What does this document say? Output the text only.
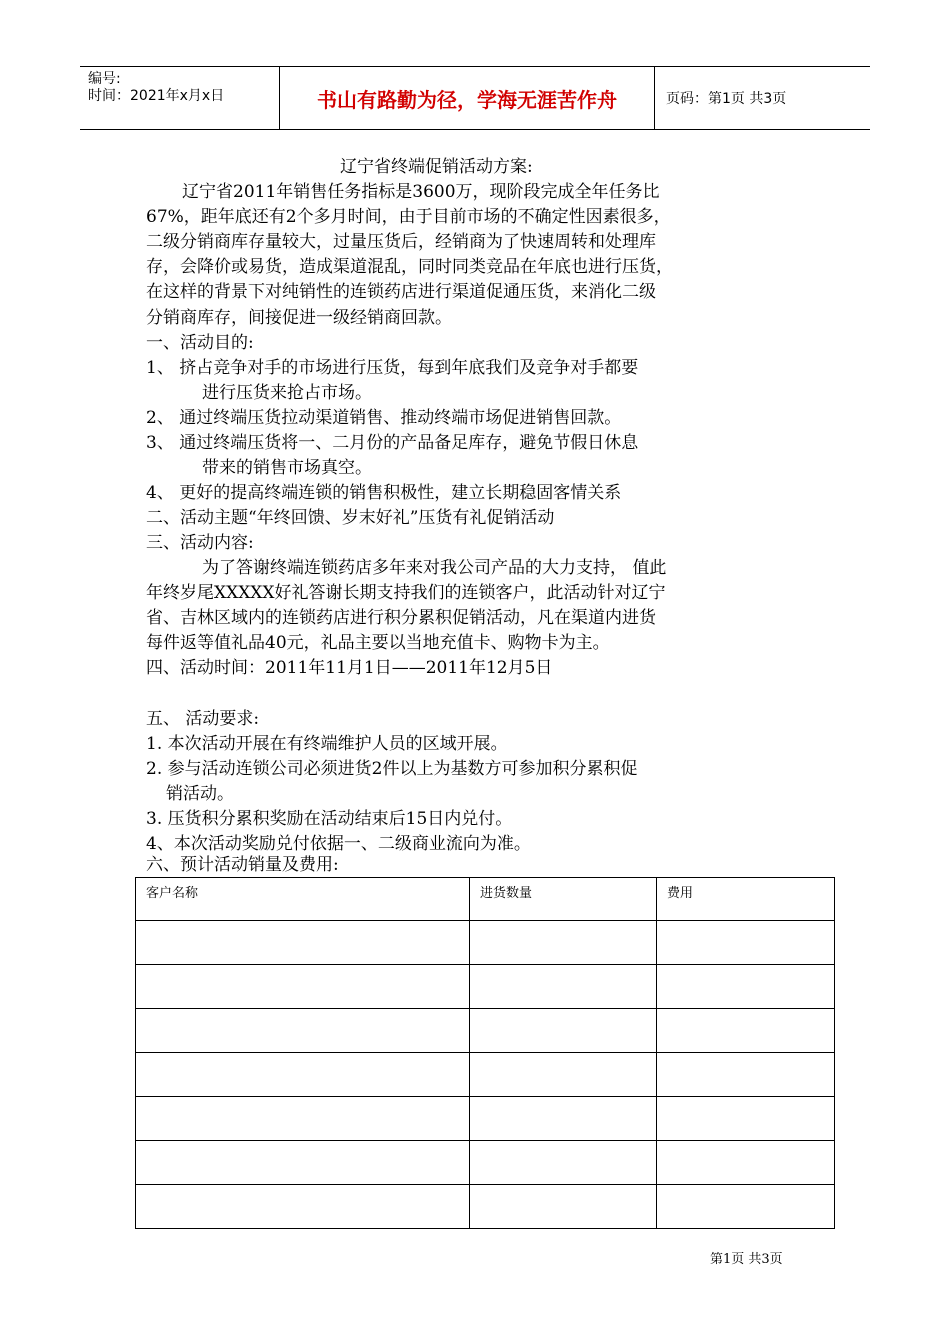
编号:
时间：2021年x月x日	书山有路勤为径，学海无涯苦作舟	页码：第1页 共3页
辽宁省终端促销活动方案:
辽宁省2011年销售任务指标是3600万，现阶段完成全年任务比
67%，距年底还有2个多月时间，由于目前市场的不确定性因素很多，
二级分销商库存量较大，过量压货后，经销商为了快速周转和处理库
存，会降价或易货，造成渠道混乱，同时同类竞品在年底也进行压货，
在这样的背景下对纯销性的连锁药店进行渠道促通压货，来消化二级
分销商库存，间接促进一级经销商回款。
一、活动目的:
1、 挤占竞争对手的市场进行压货，每到年底我们及竞争对手都要
进行压货来抢占市场。
2、 通过终端压货拉动渠道销售、推动终端市场促进销售回款。
3、 通过终端压货将一、二月份的产品备足库存，避免节假日休息
带来的销售市场真空。
4、 更好的提高终端连锁的销售积极性，建立长期稳固客情关系
二、活动主题“年终回馈、岁末好礼”压货有礼促销活动
三、活动内容:
为了答谢终端连锁药店多年来对我公司产品的大力支持， 值此
年终岁尾XXXXX好礼答谢长期支持我们的连锁客户，此活动针对辽宁
省、吉林区域内的连锁药店进行积分累积促销活动，凡在渠道内进货
每件返等值礼品40元，礼品主要以当地充值卡、购物卡为主。
四、活动时间：2011年11月1日——2011年12月5日
五、 活动要求:
1. 本次活动开展在有终端维护人员的区域开展。
2. 参与活动连锁公司必须进货2件以上为基数方可参加积分累积促
销活动。
3. 压货积分累积奖励在活动结束后15日内兑付。
4、本次活动奖励兑付依据一、二级商业流向为准。
六、预计活动销量及费用:
客户名称	进货数量	费用

第1页 共3页
